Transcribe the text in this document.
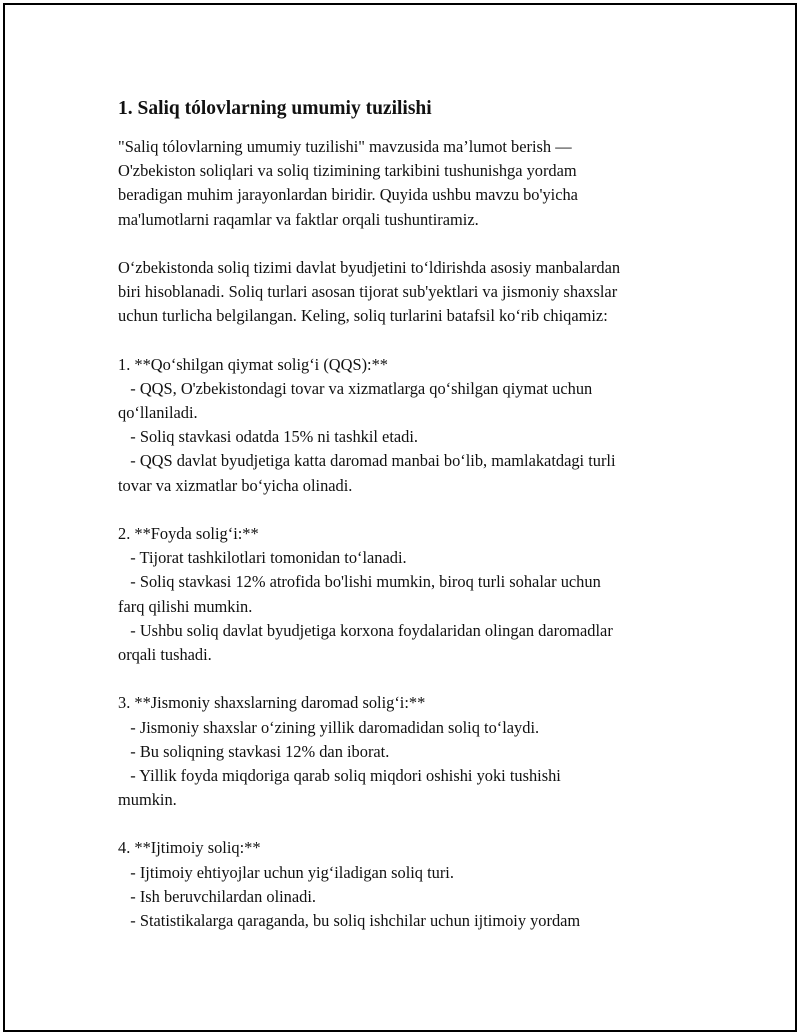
1. Saliq tólovlarning umumiy tuzilishi
"Saliq tólovlarning umumiy tuzilishi" mavzusida ma’lumot berish —
O'zbekiston soliqlari va soliq tizimining tarkibini tushunishga yordam
beradigan muhim jarayonlardan biridir. Quyida ushbu mavzu bo'yicha
ma'lumotlarni raqamlar va faktlar orqali tushuntiramiz.
O‘zbekistonda soliq tizimi davlat byudjetini to‘ldirishda asosiy manbalardan
biri hisoblanadi. Soliq turlari asosan tijorat sub'yektlari va jismoniy shaxslar
uchun turlicha belgilangan. Keling, soliq turlarini batafsil ko‘rib chiqamiz:
1. **Qo‘shilgan qiymat solig‘i (QQS):**
- QQS, O'zbekistondagi tovar va xizmatlarga qo‘shilgan qiymat uchun
qo‘llaniladi.
- Soliq stavkasi odatda 15% ni tashkil etadi.
- QQS davlat byudjetiga katta daromad manbai bo‘lib, mamlakatdagi turli
tovar va xizmatlar bo‘yicha olinadi.
2. **Foyda solig‘i:**
- Tijorat tashkilotlari tomonidan to‘lanadi.
- Soliq stavkasi 12% atrofida bo'lishi mumkin, biroq turli sohalar uchun
farq qilishi mumkin.
- Ushbu soliq davlat byudjetiga korxona foydalaridan olingan daromadlar
orqali tushadi.
3. **Jismoniy shaxslarning daromad solig‘i:**
- Jismoniy shaxslar o‘zining yillik daromadidan soliq to‘laydi.
- Bu soliqning stavkasi 12% dan iborat.
- Yillik foyda miqdoriga qarab soliq miqdori oshishi yoki tushishi
mumkin.
4. **Ijtimoiy soliq:**
- Ijtimoiy ehtiyojlar uchun yig‘iladigan soliq turi.
- Ish beruvchilardan olinadi.
- Statistikalarga qaraganda, bu soliq ishchilar uchun ijtimoiy yordam
